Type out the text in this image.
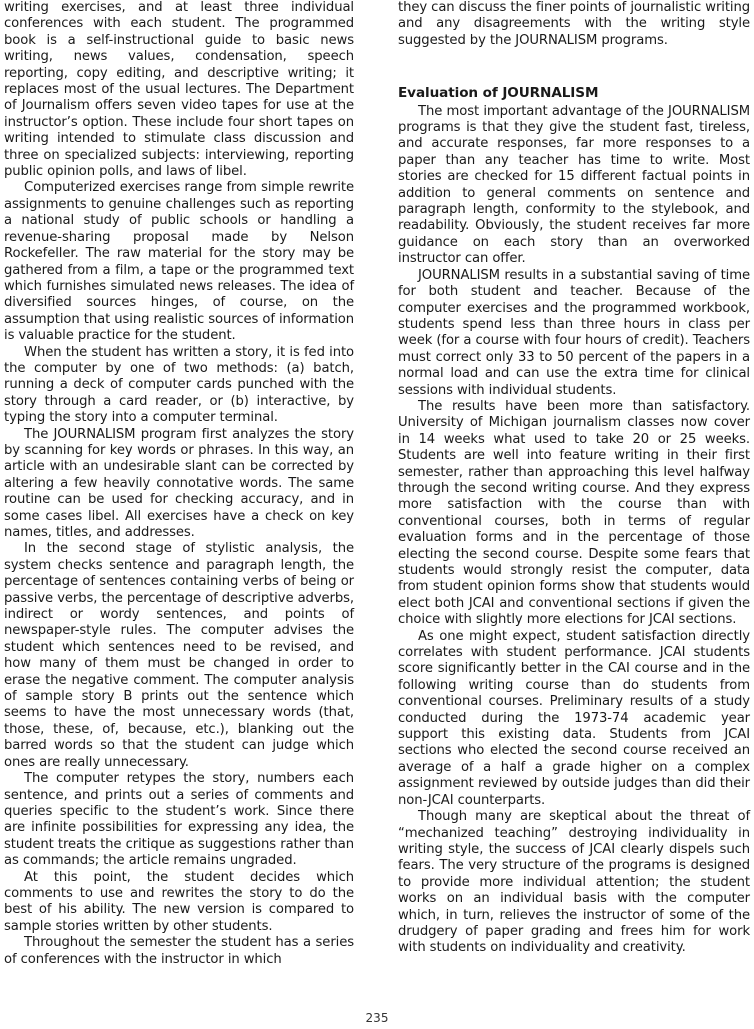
writing exercises, and at least three individual conferences with each student. The programmed book is a self-instructional guide to basic news writing, news values, condensation, speech reporting, copy editing, and descriptive writing; it replaces most of the usual lectures. The Department of Journalism offers seven video tapes for use at the instructor’s option. These include four short tapes on writing intended to stimulate class discussion and three on specialized subjects: interviewing, reporting public opinion polls, and laws of libel.

Computerized exercises range from simple rewrite assignments to genuine challenges such as reporting a national study of public schools or handling a revenue-sharing proposal made by Nelson Rockefeller. The raw material for the story may be gathered from a film, a tape or the programmed text which furnishes simulated news releases. The idea of diversified sources hinges, of course, on the assumption that using realistic sources of information is valuable practice for the student.

When the student has written a story, it is fed into the computer by one of two methods: (a) batch, running a deck of computer cards punched with the story through a card reader, or (b) interactive, by typing the story into a computer terminal.

The JOURNALISM program first analyzes the story by scanning for key words or phrases. In this way, an article with an undesirable slant can be corrected by altering a few heavily connotative words. The same routine can be used for checking accuracy, and in some cases libel. All exercises have a check on key names, titles, and addresses.

In the second stage of stylistic analysis, the system checks sentence and paragraph length, the percentage of sentences containing verbs of being or passive verbs, the percentage of descriptive adverbs, indirect or wordy sentences, and points of newspaper-style rules. The computer advises the student which sentences need to be revised, and how many of them must be changed in order to erase the negative comment. The computer analysis of sample story B prints out the sentence which seems to have the most unnecessary words (that, those, these, of, because, etc.), blanking out the barred words so that the student can judge which ones are really unnecessary.

The computer retypes the story, numbers each sentence, and prints out a series of comments and queries specific to the student’s work. Since there are infinite possibilities for expressing any idea, the student treats the critique as suggestions rather than as commands; the article remains ungraded.

At this point, the student decides which comments to use and rewrites the story to do the best of his ability. The new version is compared to sample stories written by other students.

Throughout the semester the student has a series of conferences with the instructor in which

they can discuss the finer points of journalistic writing and any disagreements with the writing style suggested by the JOURNALISM programs.

Evaluation of JOURNALISM

The most important advantage of the JOURNALISM programs is that they give the student fast, tireless, and accurate responses, far more responses to a paper than any teacher has time to write. Most stories are checked for 15 different factual points in addition to general comments on sentence and paragraph length, conformity to the stylebook, and readability. Obviously, the student receives far more guidance on each story than an overworked instructor can offer.

JOURNALISM results in a substantial saving of time for both student and teacher. Because of the computer exercises and the programmed workbook, students spend less than three hours in class per week (for a course with four hours of credit). Teachers must correct only 33 to 50 percent of the papers in a normal load and can use the extra time for clinical sessions with individual students.

The results have been more than satisfactory. University of Michigan journalism classes now cover in 14 weeks what used to take 20 or 25 weeks. Students are well into feature writing in their first semester, rather than approaching this level halfway through the second writing course. And they express more satisfaction with the course than with conventional courses, both in terms of regular evaluation forms and in the percentage of those electing the second course. Despite some fears that students would strongly resist the computer, data from student opinion forms show that students would elect both JCAI and conventional sections if given the choice with slightly more elections for JCAI sections.

As one might expect, student satisfaction directly correlates with student performance. JCAI students score significantly better in the CAI course and in the following writing course than do students from conventional courses. Preliminary results of a study conducted during the 1973-74 academic year support this existing data. Students from JCAI sections who elected the second course received an average of a half a grade higher on a complex assignment reviewed by outside judges than did their non-JCAI counterparts.

Though many are skeptical about the threat of “mechanized teaching” destroying individuality in writing style, the success of JCAI clearly dispels such fears. The very structure of the programs is designed to provide more individual attention; the student works on an individual basis with the computer which, in turn, relieves the instructor of some of the drudgery of paper grading and frees him for work with students on individuality and creativity.

235
